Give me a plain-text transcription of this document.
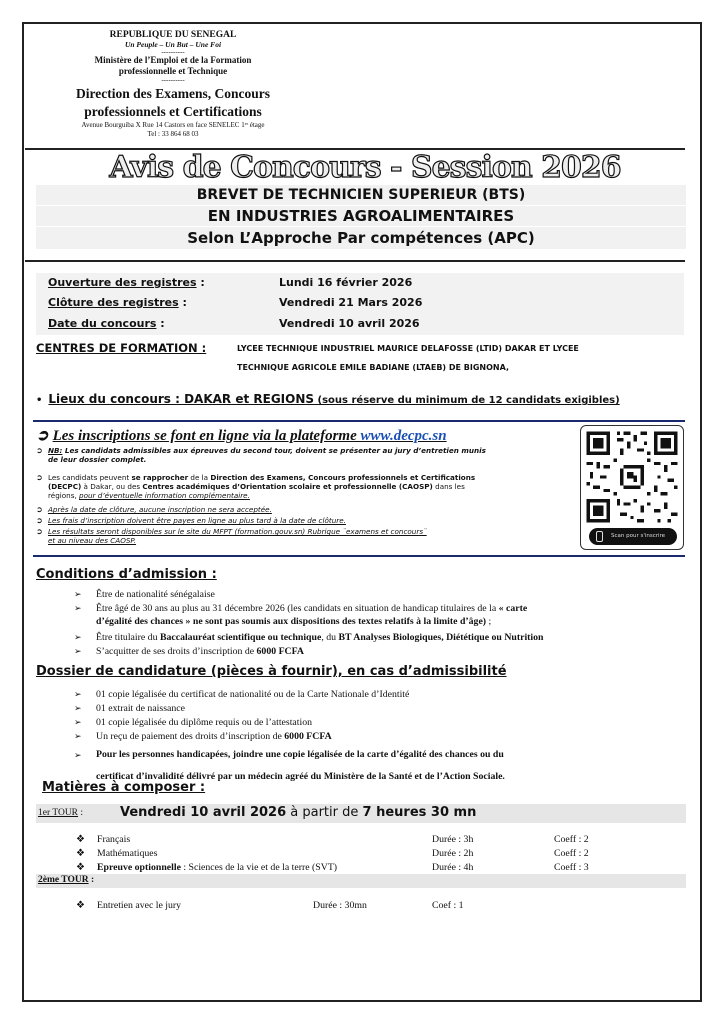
REPUBLIQUE DU SENEGAL
Un Peuple – Un But – Une Foi
----------
Ministère de l’Emploi et de la Formation
professionnelle et Technique
----------
Direction des Examens, Concours
professionnels et Certifications
Avenue Bourguiba X Rue 14 Castors en face SENELEC 1ᵉʳ étage
Tel : 33 864 68 03
Avis de Concours - Session 2026
BREVET DE TECHNICIEN SUPERIEUR (BTS)
EN INDUSTRIES AGROALIMENTAIRES
Selon L’Approche Par compétences (APC)
Ouverture des registres :	Lundi 16 février 2026
Clôture des registres :	Vendredi 21 Mars 2026
Date du concours :	Vendredi 10 avril 2026
CENTRES DE FORMATION :	LYCEE TECHNIQUE INDUSTRIEL MAURICE DELAFOSSE (LTID) DAKAR ET LYCEE
TECHNIQUE AGRICOLE EMILE BADIANE (LTAEB) DE BIGNONA,
• Lieux du concours : DAKAR et REGIONS (sous réserve du minimum de 12 candidats exigibles)
➲ Les inscriptions se font en ligne via la plateforme www.decpc.sn
➲ NB: Les candidats admissibles aux épreuves du second tour, doivent se présenter au jury d’entretien munis
de leur dossier complet.
➲ Les candidats peuvent se rapprocher de la Direction des Examens, Concours professionnels et Certifications
(DECPC) à Dakar, ou des Centres académiques d’Orientation scolaire et professionnelle (CAOSP) dans les
régions, pour d’éventuelle information complémentaire.
➲ Après la date de clôture, aucune inscription ne sera acceptée.
➲ Les frais d’inscription doivent être payes en ligne au plus tard à la date de clôture.
➲ Les résultats seront disponibles sur le site du MFPT (formation.gouv.sn) Rubrique ¨examens et concours¨
et au niveau des CAOSP.
Scan pour s'inscrire
Conditions d’admission :
➢ Être de nationalité sénégalaise
➢ Être âgé de 30 ans au plus au 31 décembre 2026 (les candidats en situation de handicap titulaires de la « carte
d’égalité des chances » ne sont pas soumis aux dispositions des textes relatifs à la limite d’âge) ;
➢ Être titulaire du Baccalauréat scientifique ou technique, du BT Analyses Biologiques, Diététique ou Nutrition
➢ S’acquitter de ses droits d’inscription de 6000 FCFA
Dossier de candidature (pièces à fournir), en cas d’admissibilité
➢ 01 copie légalisée du certificat de nationalité ou de la Carte Nationale d’Identité
➢ 01 extrait de naissance
➢ 01 copie légalisée du diplôme requis ou de l’attestation
➢ Un reçu de paiement des droits d’inscription de 6000 FCFA
➢ Pour les personnes handicapées, joindre une copie légalisée de la carte d’égalité des chances ou du
certificat d’invalidité délivré par un médecin agréé du Ministère de la Santé et de l’Action Sociale.
Matières à composer :
1er TOUR :	Vendredi 10 avril 2026 à partir de 7 heures 30 mn
❖ Français	Durée : 3h	Coeff : 2
❖ Mathématiques	Durée : 2h	Coeff : 2
❖ Epreuve optionnelle : Sciences de la vie et de la terre (SVT)	Durée : 4h	Coeff : 3
2ème TOUR :
❖ Entretien avec le jury	Durée : 30mn	Coef : 1
